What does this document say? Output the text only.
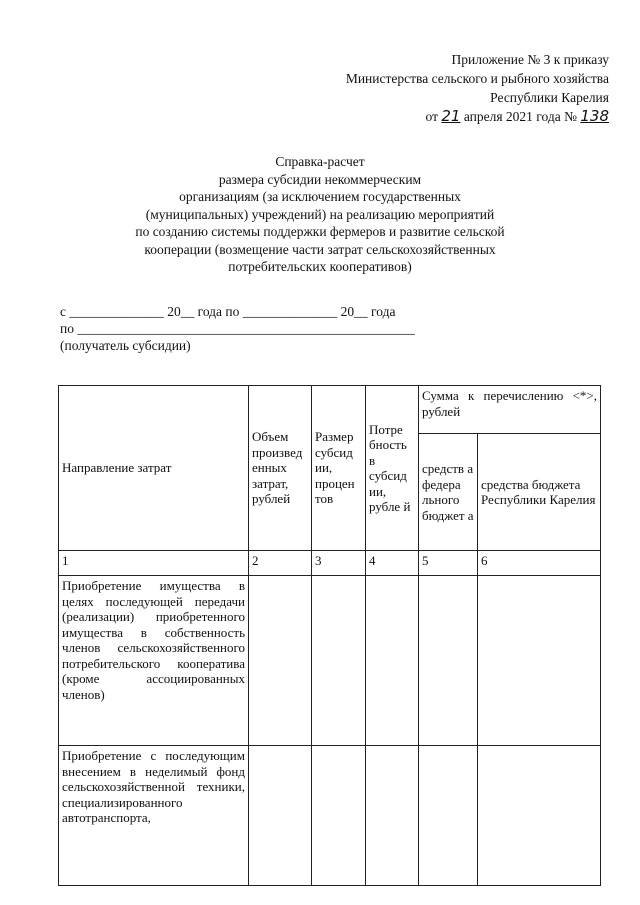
Приложение № 3 к приказу
Министерства сельского и рыбного хозяйства
Республики Карелия
от 21 апреля 2021 года № 138
Справка-расчет
размера субсидии некоммерческим
организациям (за исключением государственных
(муниципальных) учреждений) на реализацию мероприятий
по созданию системы поддержки фермеров и развитие сельской
кооперации (возмещение части затрат сельскохозяйственных
потребительских кооперативов)
с ______________ 20__ года по ______________ 20__ года
по __________________________________________________
(получатель субсидии)
Направление затрат	Объем произвед енных затрат, рублей	Размер субсид ии, процен тов	Потре бность в субсид ии, рубле й	Сумма к перечислению <*>, рублей	
				средств а федера льного бюджет а	средства бюджета Республики Карелия
1	2	3	4	5	6
Приобретение имущества в целях последующей передачи (реализации) приобретенного имущества в собственность членов сельскохозяйственного потребительского кооператива (кроме ассоциированных членов)					
Приобретение с последующим внесением в неделимый фонд сельскохозяйственной техники, специализированного автотранспорта,					
